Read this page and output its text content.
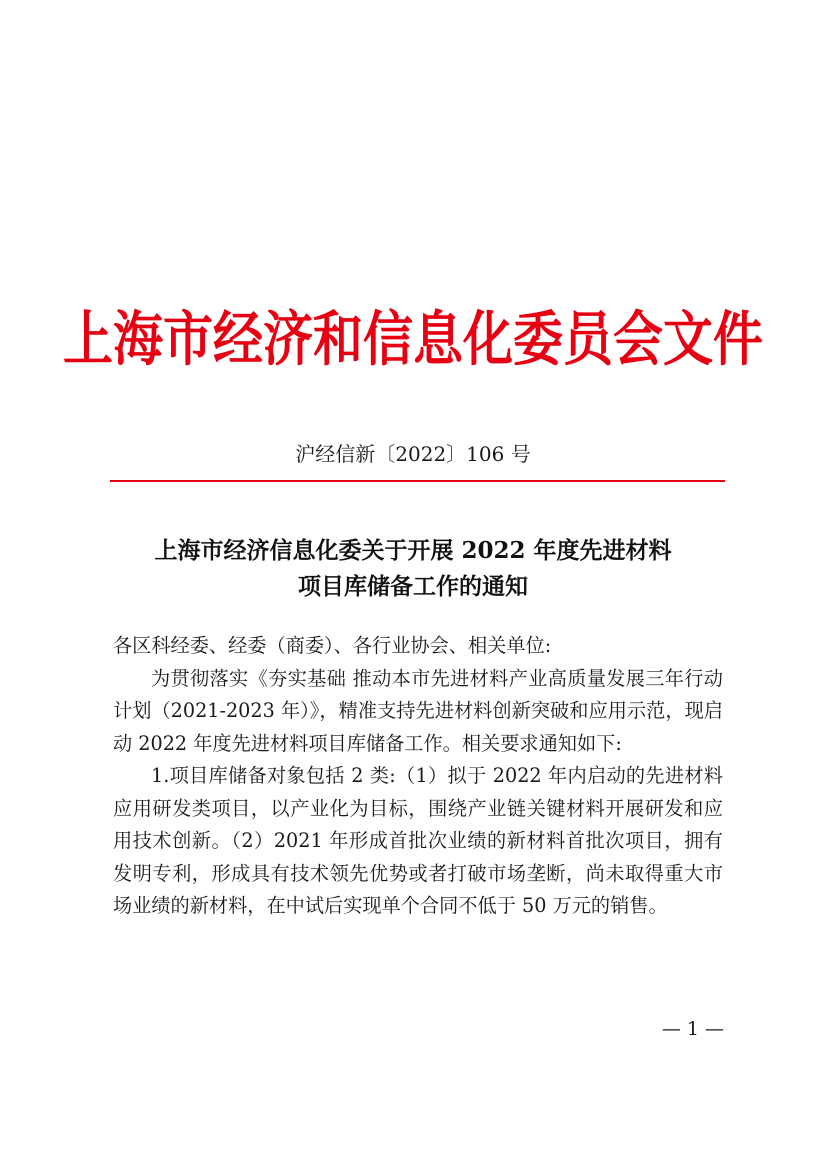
上海市经济和信息化委员会文件
沪经信新〔2022〕106 号
上海市经济信息化委关于开展 2022 年度先进材料
项目库储备工作的通知

各区科经委、经委（商委）、各行业协会、相关单位:

为贯彻落实《夯实基础 推动本市先进材料产业高质量发展三年行动计划（2021-2023 年）》，精准支持先进材料创新突破和应用示范，现启动 2022 年度先进材料项目库储备工作。相关要求通知如下:

1.项目库储备对象包括 2 类:（1）拟于 2022 年内启动的先进材料应用研发类项目，以产业化为目标，围绕产业链关键材料开展研发和应用技术创新。（2）2021 年形成首批次业绩的新材料首批次项目，拥有发明专利，形成具有技术领先优势或者打破市场垄断，尚未取得重大市场业绩的新材料，在中试后实现单个合同不低于 50 万元的销售。

— 1 —
